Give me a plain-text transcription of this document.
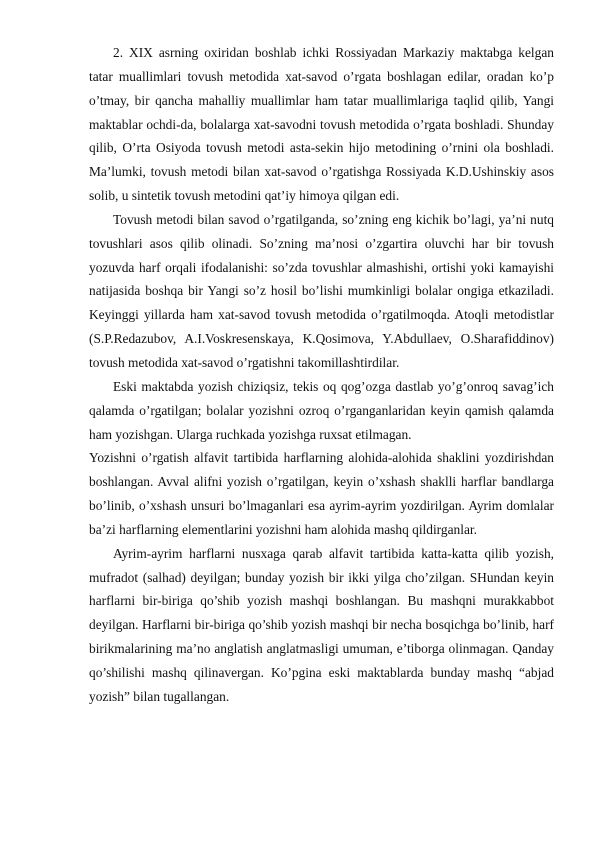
2. XIX asrning oxiridan boshlab ichki Rossiyadan Markaziy maktabga kelgan tatar muallimlari tovush metodida xat-savod o’rgata boshlagan edilar, oradan ko’p o’tmay, bir qancha mahalliy muallimlar ham tatar muallimlariga taqlid qilib, Yangi maktablar ochdi-da, bolalarga xat-savodni tovush metodida o’rgata boshladi. Shunday qilib, O’rta Osiyoda tovush metodi asta-sekin hijo metodining o’rnini ola boshladi. Ma’lumki, tovush metodi bilan xat-savod o’rgatishga Rossiyada K.D.Ushinskiy asos solib, u sintetik tovush metodini qat’iy himoya qilgan edi.

Tovush metodi bilan savod o’rgatilganda, so’zning eng kichik bo’lagi, ya’ni nutq tovushlari asos qilib olinadi. So’zning ma’nosi o’zgartira oluvchi har bir tovush yozuvda harf orqali ifodalanishi: so’zda tovushlar almashishi, ortishi yoki kamayishi natijasida boshqa bir Yangi so’z hosil bo’lishi mumkinligi bolalar ongiga etkaziladi. Keyinggi yillarda ham xat-savod tovush metodida o’rgatilmoqda. Atoqli metodistlar (S.P.Redazubov, A.I.Voskresenskaya, K.Qosimova, Y.Abdullaev, O.Sharafiddinov) tovush metodida xat-savod o’rgatishni takomillashtirdilar.

Eski maktabda yozish chiziqsiz, tekis oq qog’ozga dastlab yo’g’onroq savag’ich qalamda o’rgatilgan; bolalar yozishni ozroq o’rganganlaridan keyin qamish qalamda ham yozishgan. Ularga ruchkada yozishga ruxsat etilmagan.

Yozishni o’rgatish alfavit tartibida harflarning alohida-alohida shaklini yozdirishdan boshlangan. Avval alifni yozish o’rgatilgan, keyin o’xshash shaklli harflar bandlarga bo’linib, o’xshash unsuri bo’lmaganlari esa ayrim-ayrim yozdirilgan. Ayrim domlalar ba’zi harflarning elementlarini yozishni ham alohida mashq qildirganlar.

Ayrim-ayrim harflarni nusxaga qarab alfavit tartibida katta-katta qilib yozish, mufradot (salhad) deyilgan; bunday yozish bir ikki yilga cho’zilgan. SHundan keyin harflarni bir-biriga qo’shib yozish mashqi boshlangan. Bu mashqni murakkabbot deyilgan. Harflarni bir-biriga qo’shib yozish mashqi bir necha bosqichga bo’linib, harf birikmalarining ma’no anglatish anglatmasligi umuman, e’tiborga olinmagan. Qanday qo’shilishi mashq qilinavergan. Ko’pgina eski maktablarda bunday mashq “abjad yozish” bilan tugallangan.
